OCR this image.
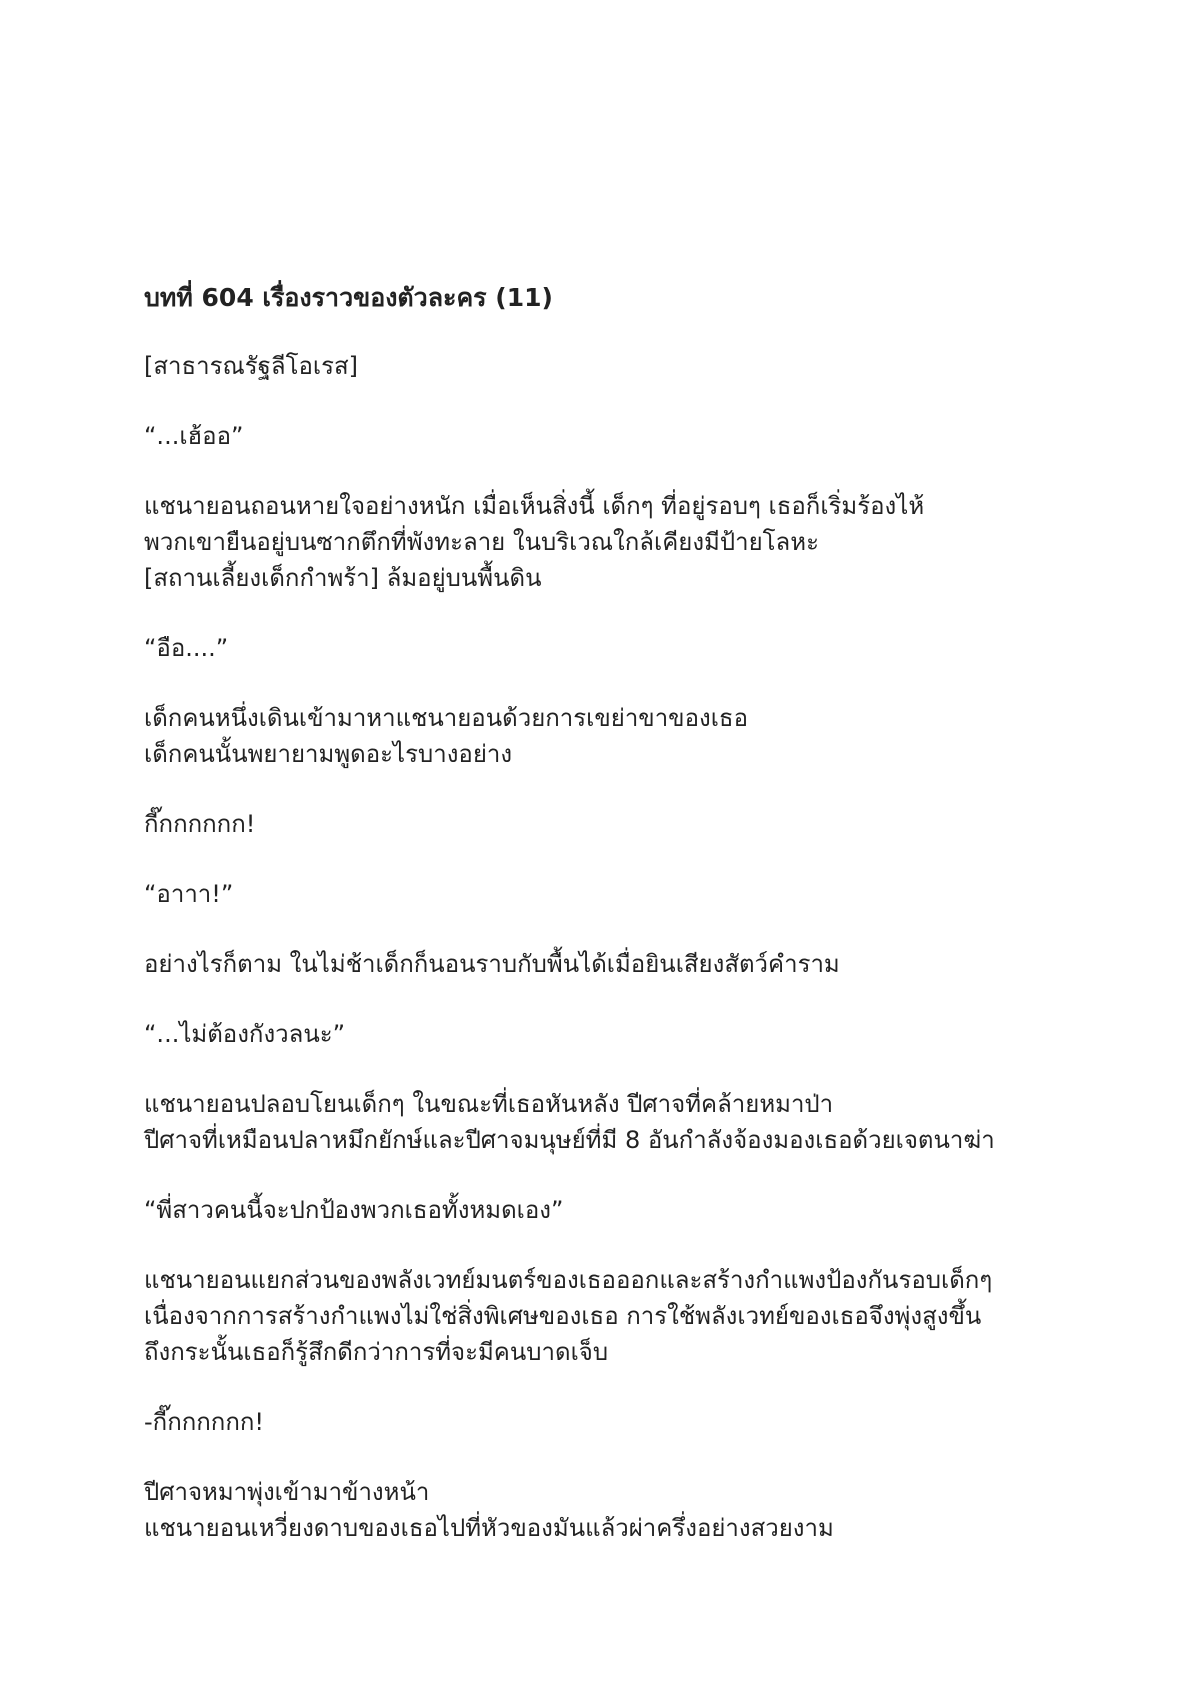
บทที่ 604 เรื่องราวของตัวละคร (11)

[สาธารณรัฐลีโอเรส]

“...เฮ้ออ”

แชนายอนถอนหายใจอย่างหนัก เมื่อเห็นสิ่งนี้ เด็กๆ ที่อยู่รอบๆ เธอก็เริ่มร้องไห้
พวกเขายืนอยู่บนซากตึกที่พังทะลาย ในบริเวณใกล้เคียงมีป้ายโลหะ
[สถานเลี้ยงเด็กกำพร้า] ล้มอยู่บนพื้นดิน

“อือ....”

เด็กคนหนึ่งเดินเข้ามาหาแชนายอนด้วยการเขย่าขาของเธอ
เด็กคนนั้นพยายามพูดอะไรบางอย่าง

กี๊กกกกกก!

“อาาา!”

อย่างไรก็ตาม ในไม่ช้าเด็กก็นอนราบกับพื้นได้เมื่อยินเสียงสัตว์คำราม

“...ไม่ต้องกังวลนะ”

แชนายอนปลอบโยนเด็กๆ ในขณะที่เธอหันหลัง ปีศาจที่คล้ายหมาป่า
ปีศาจที่เหมือนปลาหมึกยักษ์และปีศาจมนุษย์ที่มี 8 อันกำลังจ้องมองเธอด้วยเจตนาฆ่า

“พี่สาวคนนี้จะปกป้องพวกเธอทั้งหมดเอง”

แชนายอนแยกส่วนของพลังเวทย์มนตร์ของเธอออกและสร้างกำแพงป้องกันรอบเด็กๆ
เนื่องจากการสร้างกำแพงไม่ใช่สิ่งพิเศษของเธอ การใช้พลังเวทย์ของเธอจึงพุ่งสูงขึ้น
ถึงกระนั้นเธอก็รู้สึกดีกว่าการที่จะมีคนบาดเจ็บ

-กี๊กกกกกก!

ปีศาจหมาพุ่งเข้ามาข้างหน้า
แชนายอนเหวี่ยงดาบของเธอไปที่หัวของมันแล้วผ่าครึ่งอย่างสวยงาม
